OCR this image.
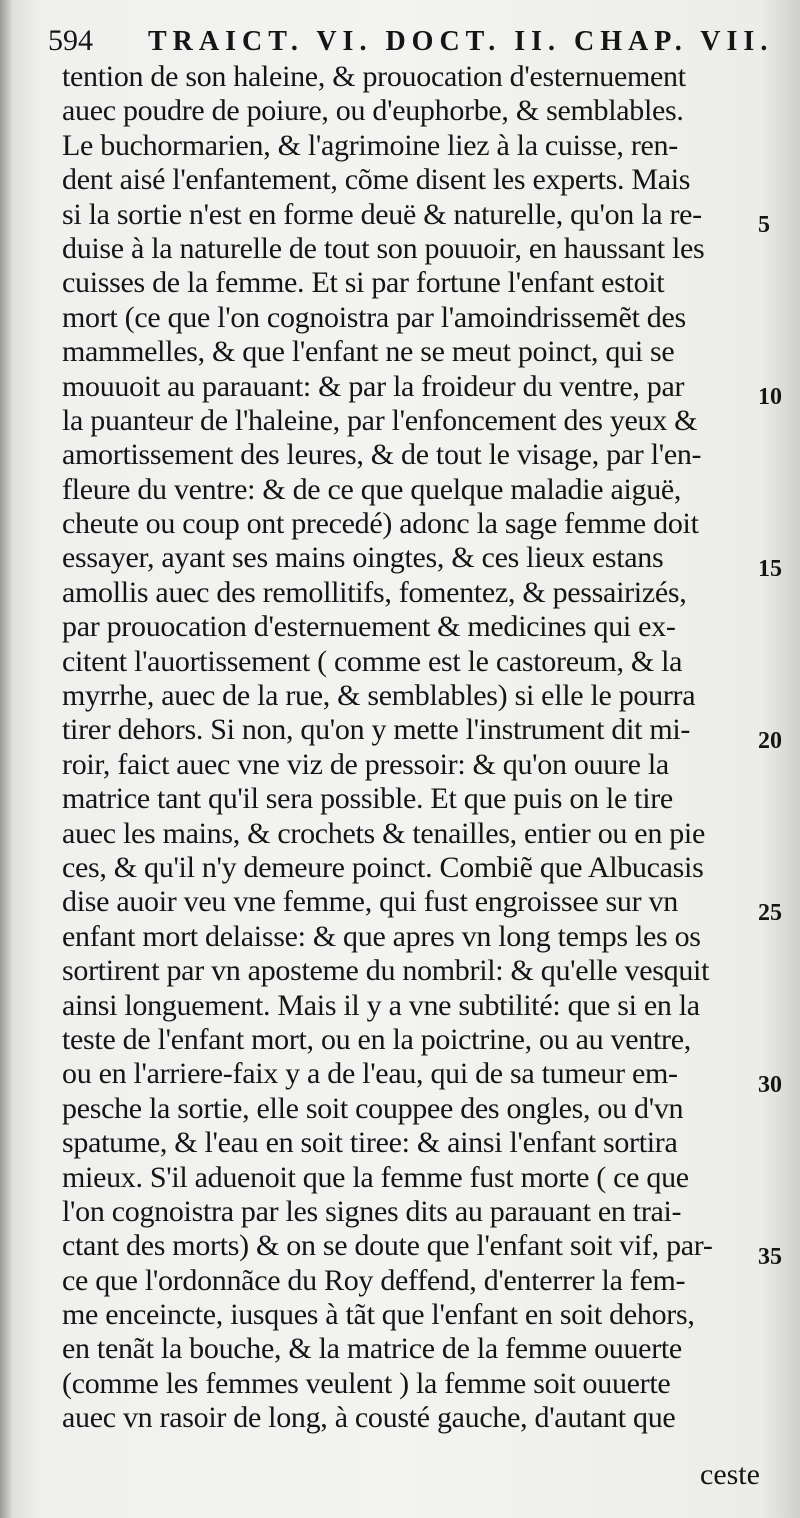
594 TRAICT. VI. DOCT. II. CHAP. VII.
tention de son haleine, & prouocation d'esternuement
auec poudre de poiure, ou d'euphorbe, & semblables.
Le buchormarien, & l'agrimoine liez à la cuisse, ren-
dent aisé l'enfantement, cõme disent les experts. Mais
si la sortie n'est en forme deuë & naturelle, qu'on la re-
duise à la naturelle de tout son pouuoir, en haussant les
cuisses de la femme. Et si par fortune l'enfant estoit
mort (ce que l'on cognoistra par l'amoindrissemẽt des
mammelles, & que l'enfant ne se meut poinct, qui se
mouuoit au parauant: & par la froideur du ventre, par
la puanteur de l'haleine, par l'enfoncement des yeux &
amortissement des leures, & de tout le visage, par l'en-
fleure du ventre: & de ce que quelque maladie aiguë,
cheute ou coup ont precedé) adonc la sage femme doit
essayer, ayant ses mains oingtes, & ces lieux estans
amollis auec des remollitifs, fomentez, & pessairizés,
par prouocation d'esternuement & medicines qui ex-
citent l'auortissement ( comme est le castoreum, & la
myrrhe, auec de la rue, & semblables) si elle le pourra
tirer dehors. Si non, qu'on y mette l'instrument dit mi-
roir, faict auec vne viz de pressoir: & qu'on ouure la
matrice tant qu'il sera possible. Et que puis on le tire
auec les mains, & crochets & tenailles, entier ou en pie
ces, & qu'il n'y demeure poinct. Combiẽ que Albucasis
dise auoir veu vne femme, qui fust engroissee sur vn
enfant mort delaisse: & que apres vn long temps les os
sortirent par vn aposteme du nombril: & qu'elle vesquit
ainsi longuement. Mais il y a vne subtilité: que si en la
teste de l'enfant mort, ou en la poictrine, ou au ventre,
ou en l'arriere-faix y a de l'eau, qui de sa tumeur em-
pesche la sortie, elle soit couppee des ongles, ou d'vn
spatume, & l'eau en soit tiree: & ainsi l'enfant sortira
mieux. S'il aduenoit que la femme fust morte ( ce que
l'on cognoistra par les signes dits au parauant en trai-
ctant des morts) & on se doute que l'enfant soit vif, par-
ce que l'ordonnãce du Roy deffend, d'enterrer la fem-
me enceincte, iusques à tãt que l'enfant en soit dehors,
en tenãt la bouche, & la matrice de la femme ouuerte
(comme les femmes veulent ) la femme soit ouuerte
auec vn rasoir de long, à cousté gauche, d'autant que
5
10
15
20
25
30
35
ceste
